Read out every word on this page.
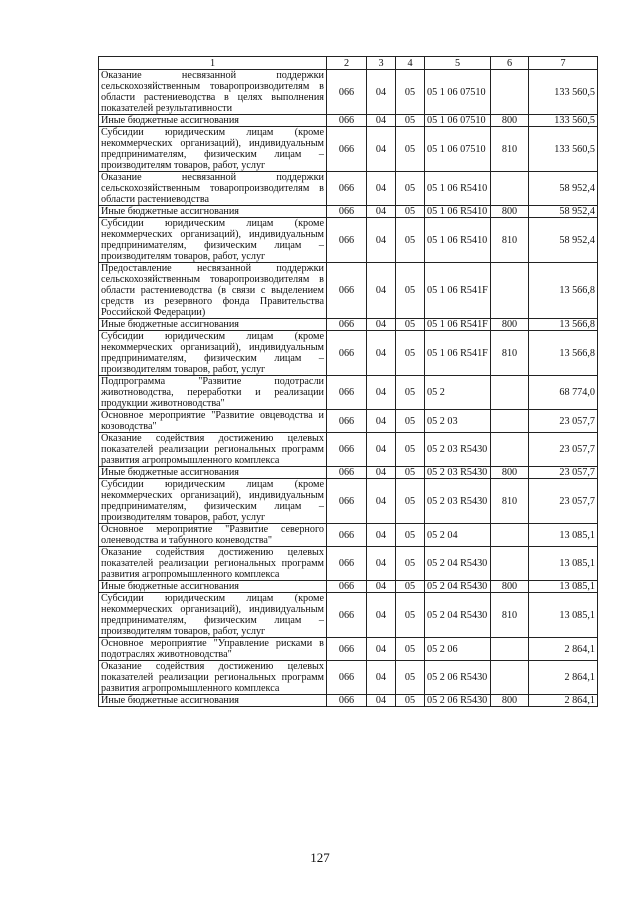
1	2	3	4	5	6	7
Оказание несвязанной поддержки сельскохозяйственным товаропроизводителям в области растениеводства в целях выполнения показателей результативности	066	04	05	05 1 06 07510		133 560,5
Иные бюджетные ассигнования	066	04	05	05 1 06 07510	800	133 560,5
Субсидии юридическим лицам (кроме некоммерческих организаций), индивидуальным предпринимателям, физическим лицам – производителям товаров, работ, услуг	066	04	05	05 1 06 07510	810	133 560,5
Оказание несвязанной поддержки сельскохозяйственным товаропроизводителям в области растениеводства	066	04	05	05 1 06 R5410		58 952,4
Иные бюджетные ассигнования	066	04	05	05 1 06 R5410	800	58 952,4
Субсидии юридическим лицам (кроме некоммерческих организаций), индивидуальным предпринимателям, физическим лицам – производителям товаров, работ, услуг	066	04	05	05 1 06 R5410	810	58 952,4
Предоставление несвязанной поддержки сельскохозяйственным товаропроизводителям в области растениеводства (в связи с выделением средств из резервного фонда Правительства Российской Федерации)	066	04	05	05 1 06 R541F		13 566,8
Иные бюджетные ассигнования	066	04	05	05 1 06 R541F	800	13 566,8
Субсидии юридическим лицам (кроме некоммерческих организаций), индивидуальным предпринимателям, физическим лицам – производителям товаров, работ, услуг	066	04	05	05 1 06 R541F	810	13 566,8
Подпрограмма "Развитие подотрасли животноводства, переработки и реализации продукции животноводства"	066	04	05	05 2		68 774,0
Основное мероприятие "Развитие овцеводства и козоводства"	066	04	05	05 2 03		23 057,7
Оказание содействия достижению целевых показателей реализации региональных программ развития агропромышленного комплекса	066	04	05	05 2 03 R5430		23 057,7
Иные бюджетные ассигнования	066	04	05	05 2 03 R5430	800	23 057,7
Субсидии юридическим лицам (кроме некоммерческих организаций), индивидуальным предпринимателям, физическим лицам – производителям товаров, работ, услуг	066	04	05	05 2 03 R5430	810	23 057,7
Основное мероприятие "Развитие северного оленеводства и табунного коневодства"	066	04	05	05 2 04		13 085,1
Оказание содействия достижению целевых показателей реализации региональных программ развития агропромышленного комплекса	066	04	05	05 2 04 R5430		13 085,1
Иные бюджетные ассигнования	066	04	05	05 2 04 R5430	800	13 085,1
Субсидии юридическим лицам (кроме некоммерческих организаций), индивидуальным предпринимателям, физическим лицам – производителям товаров, работ, услуг	066	04	05	05 2 04 R5430	810	13 085,1
Основное мероприятие "Управление рисками в подотраслях животноводства"	066	04	05	05 2 06		2 864,1
Оказание содействия достижению целевых показателей реализации региональных программ развития агропромышленного комплекса	066	04	05	05 2 06 R5430		2 864,1
Иные бюджетные ассигнования	066	04	05	05 2 06 R5430	800	2 864,1
127
